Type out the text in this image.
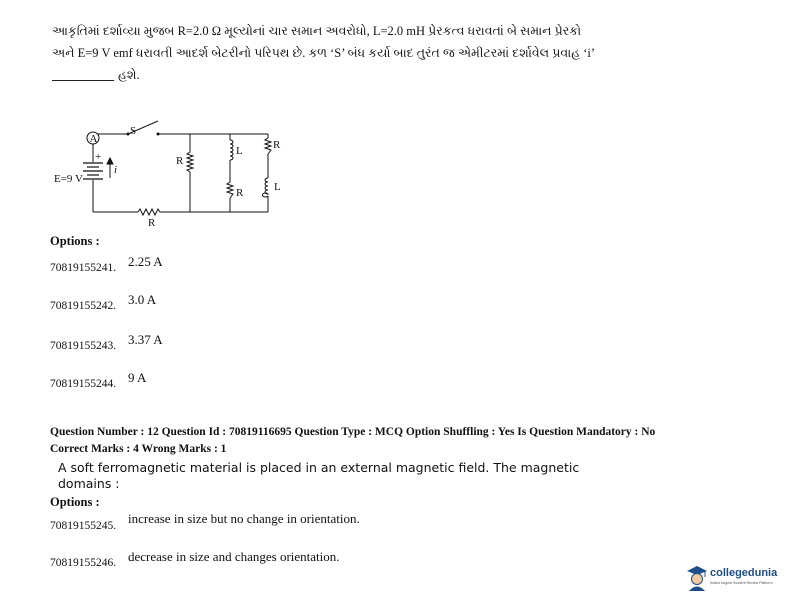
આકૃતિમાં દર્શાવ્યા મુજબ R=2.0 Ω મૂલ્યોનાં ચાર સમાન અવરોધો, L=2.0 mH પ્રેરકત્વ ધરાવતાં બે સમાન પ્રેરકો
અને E=9 V emf ધરાવતી આદર્શ બેટરીનો પરિપથ છે. કળ ‘S’ બંધ કર્યા બાદ તુરંત જ એમીટરમાં દર્શાવેલ પ્રવાહ ‘i’
હશે.
A
S
+
E=9 V
i
R
R
L
R
R
L
Options :
70819155241. 2.25 A
70819155242. 3.0 A
70819155243. 3.37 A
70819155244. 9 A
Question Number : 12 Question Id : 70819116695 Question Type : MCQ Option Shuffling : Yes Is Question Mandatory : No
Correct Marks : 4 Wrong Marks : 1
A soft ferromagnetic material is placed in an external magnetic field. The magnetic
domains :
Options :
70819155245. increase in size but no change in orientation.
70819155246. decrease in size and changes orientation.
collegedunia
India's largest Student Review Platform
